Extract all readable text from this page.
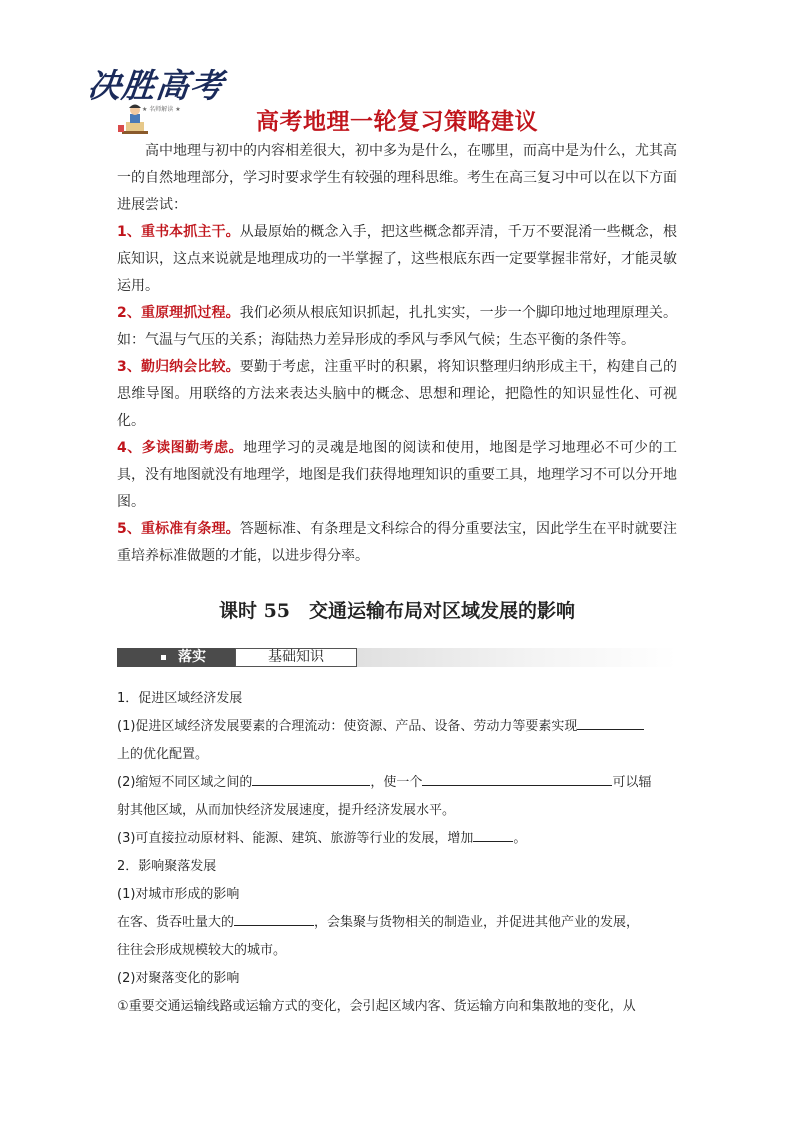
决胜高考
★ 名师解读 ★	高考地理一轮复习策略建议

高中地理与初中的内容相差很大，初中多为是什么，在哪里，而高中是为什么，尤其高一的自然地理部分，学习时要求学生有较强的理科思维。考生在高三复习中可以在以下方面进展尝试：

1、重书本抓主干。从最原始的概念入手，把这些概念都弄清，千万不要混淆一些概念，根底知识，这点来说就是地理成功的一半掌握了，这些根底东西一定要掌握非常好，才能灵敏运用。

2、重原理抓过程。我们必须从根底知识抓起，扎扎实实，一步一个脚印地过地理原理关。如：气温与气压的关系；海陆热力差异形成的季风与季风气候；生态平衡的条件等。

3、勤归纳会比较。要勤于考虑，注重平时的积累，将知识整理归纳形成主干，构建自己的思维导图。用联络的方法来表达头脑中的概念、思想和理论，把隐性的知识显性化、可视化。

4、多读图勤考虑。地理学习的灵魂是地图的阅读和使用，地图是学习地理必不可少的工具，没有地图就没有地理学，地图是我们获得地理知识的重要工具，地理学习不可以分开地图。

5、重标准有条理。答题标准、有条理是文科综合的得分重要法宝，因此学生在平时就要注重培养标准做题的才能，以进步得分率。

课时 55　交通运输布局对区域发展的影响
落实	基础知识
1．促进区域经济发展
(1)促进区域经济发展要素的合理流动：使资源、产品、设备、劳动力等要素实现
上的优化配置。
(2)缩短不同区域之间的	，使一个	可以辐
射其他区域，从而加快经济发展速度，提升经济发展水平。
(3)可直接拉动原材料、能源、建筑、旅游等行业的发展，增加	。
2．影响聚落发展
(1)对城市形成的影响
在客、货吞吐量大的	，会集聚与货物相关的制造业，并促进其他产业的发展，
往往会形成规模较大的城市。
(2)对聚落变化的影响
①重要交通运输线路或运输方式的变化，会引起区域内客、货运输方向和集散地的变化，从
